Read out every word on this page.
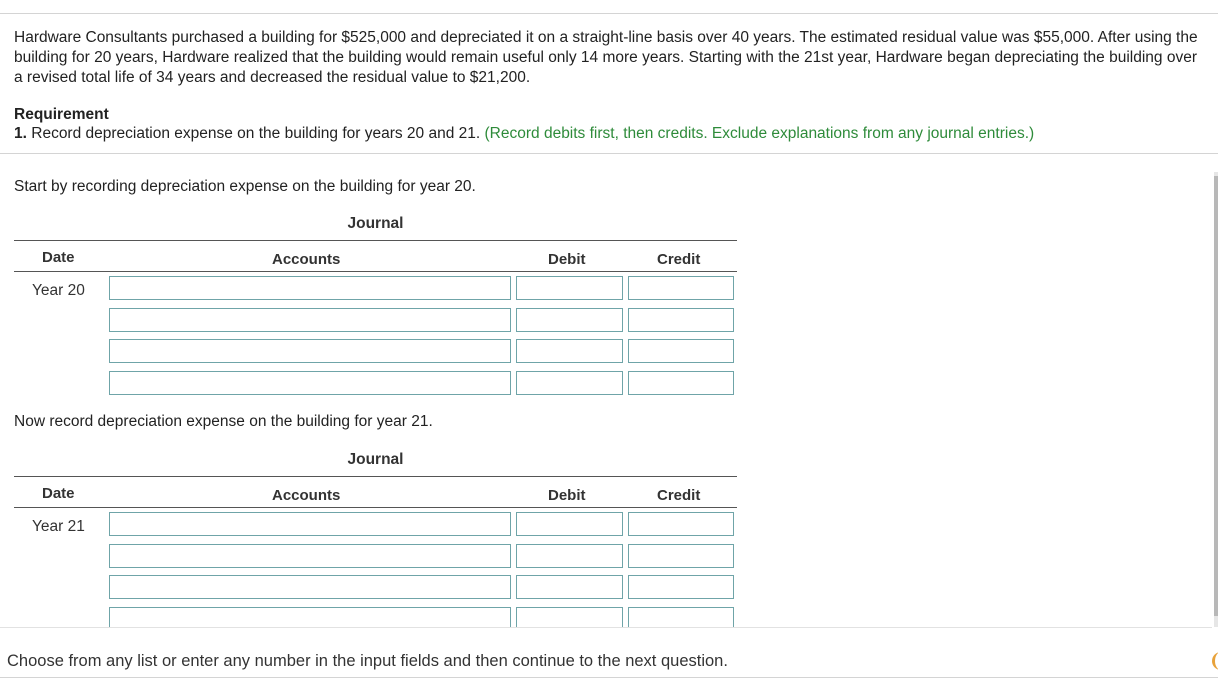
Hardware Consultants purchased a building for $525,000 and depreciated it on a straight-line basis over 40 years. The estimated residual value was $55,000. After using the building for 20 years, Hardware realized that the building would remain useful only 14 more years. Starting with the 21st year, Hardware began depreciating the building over a revised total life of 34 years and decreased the residual value to $21,200.

Requirement

1. Record depreciation expense on the building for years 20 and 21. (Record debits first, then credits. Exclude explanations from any journal entries.)

Start by recording depreciation expense on the building for year 20.

Journal
Date	Accounts	Debit	Credit
Year 20

Now record depreciation expense on the building for year 21.

Journal
Date	Accounts	Debit	Credit
Year 21

Choose from any list or enter any number in the input fields and then continue to the next question.
